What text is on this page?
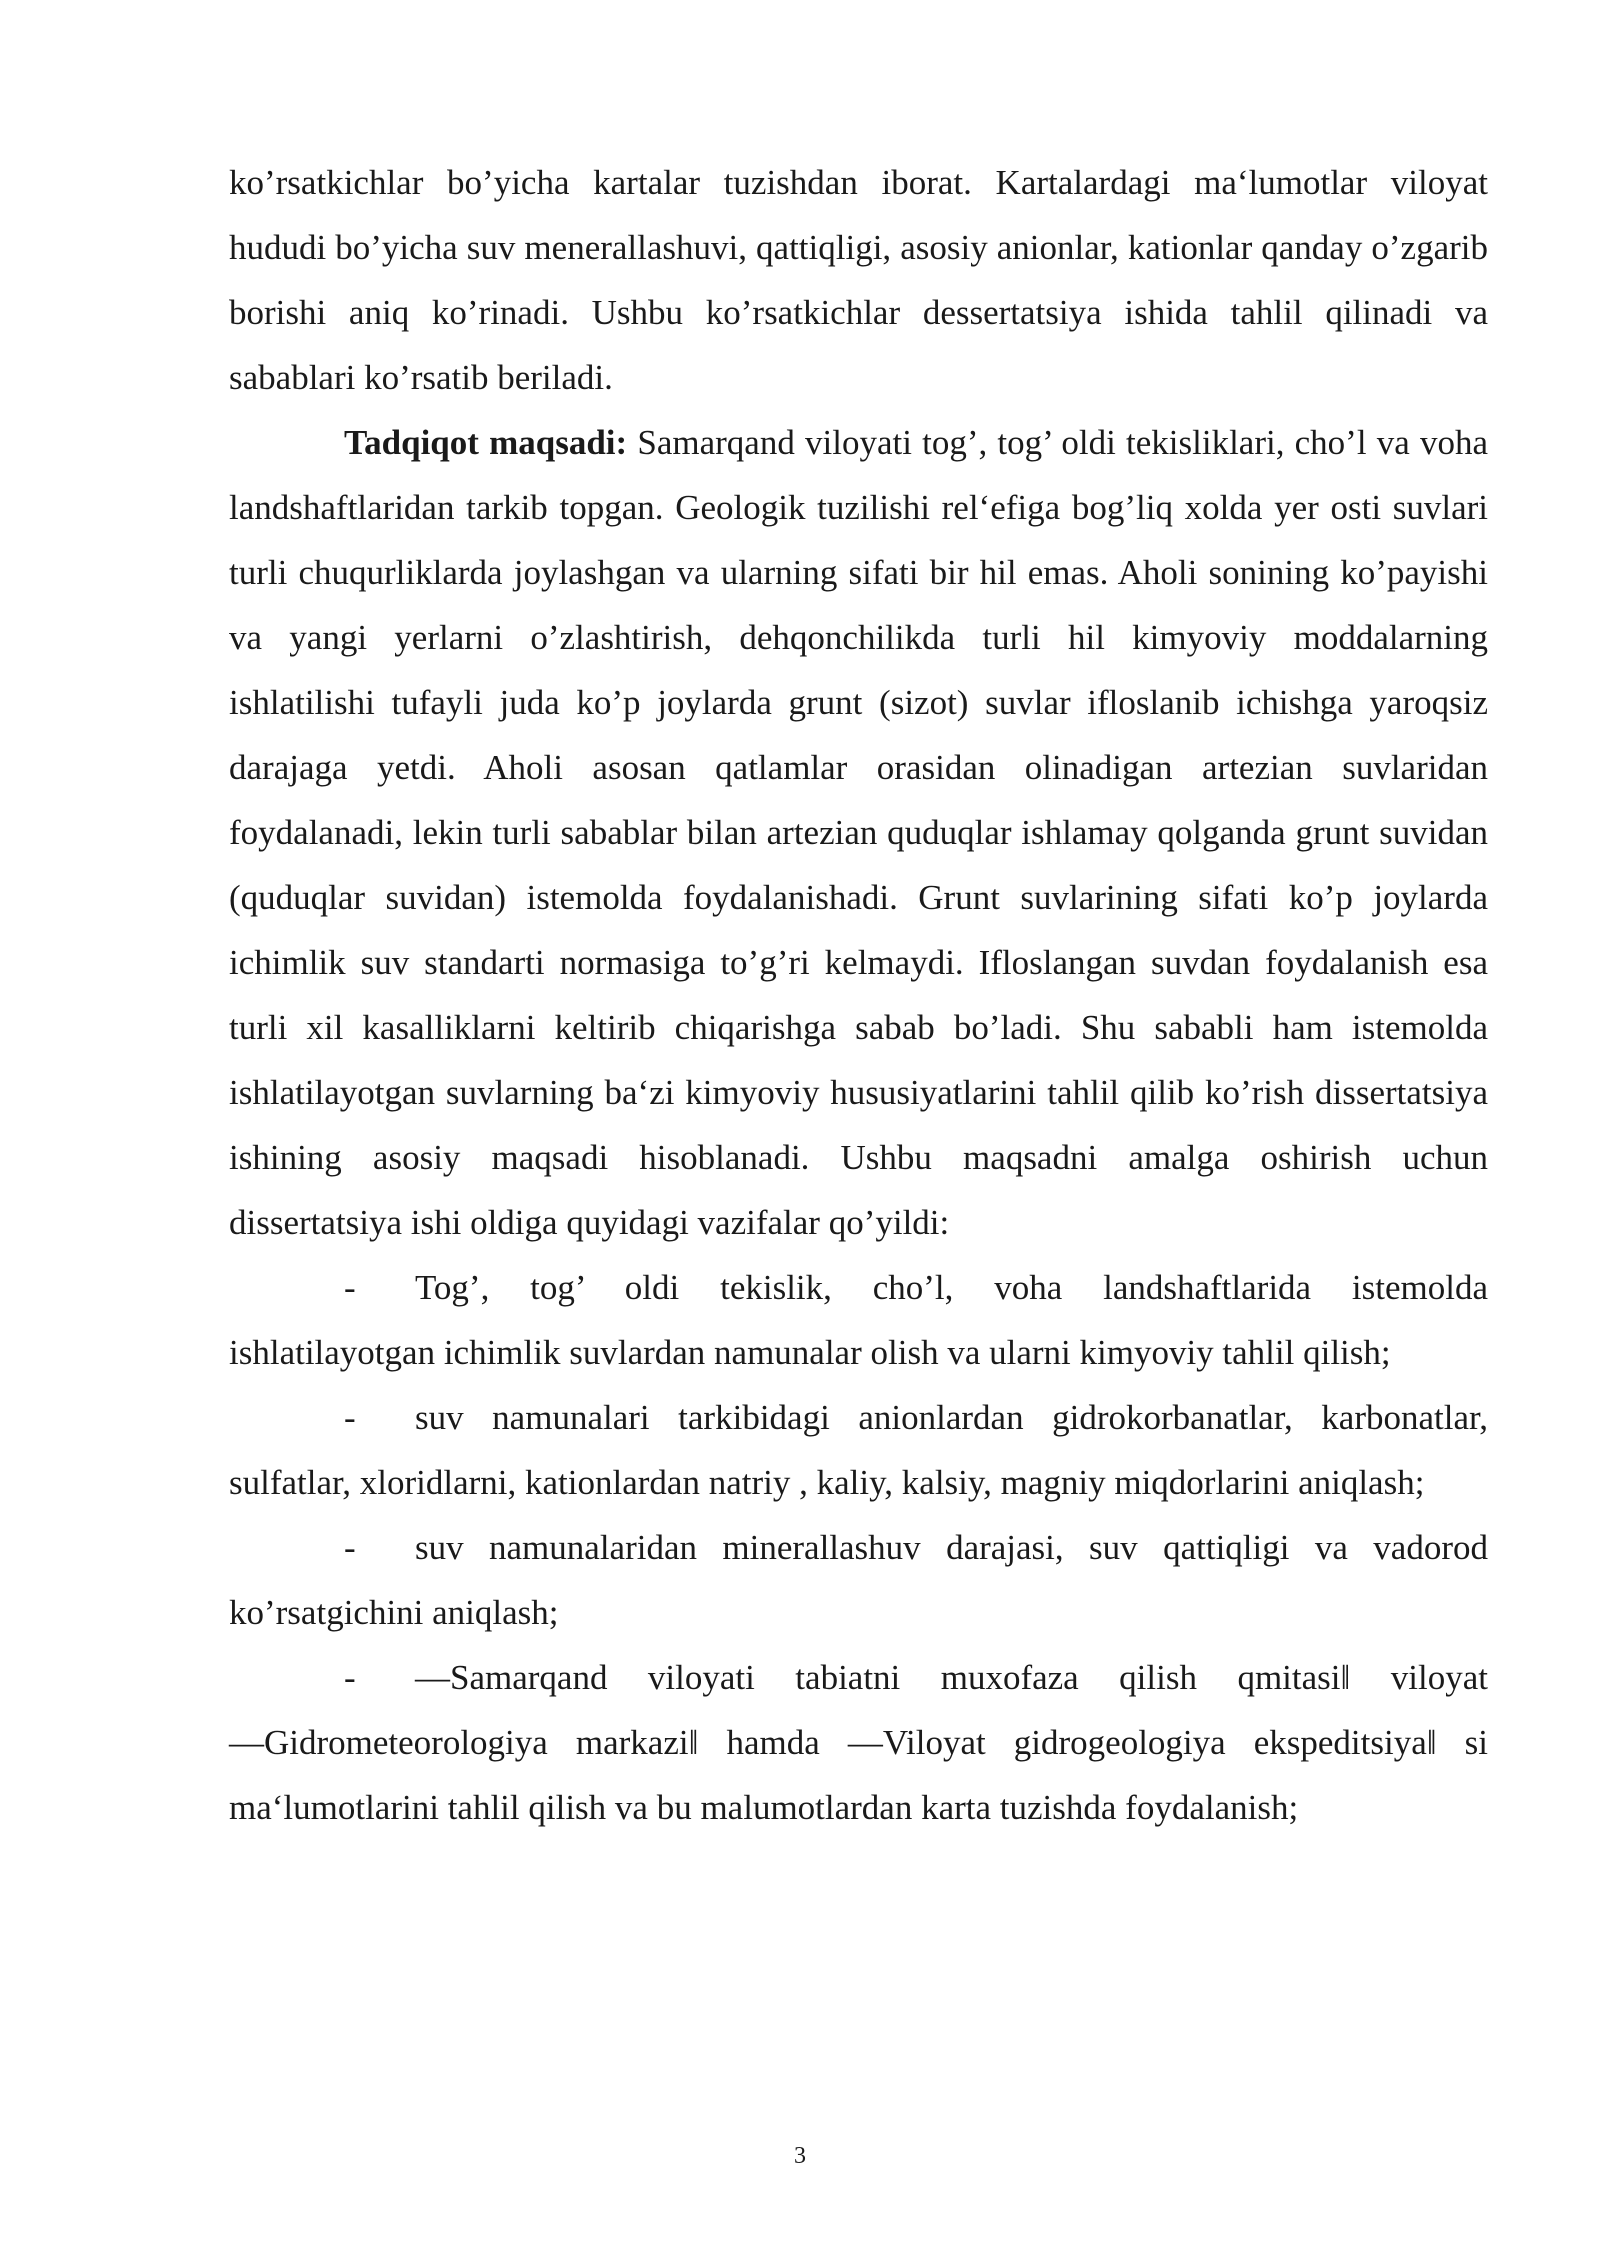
ko’rsatkichlar bo’yicha kartalar tuzishdan iborat. Kartalardagi ma‘lumotlar viloyat hududi bo’yicha suv menerallashuvi, qattiqligi, asosiy anionlar, kationlar qanday o’zgarib borishi aniq ko’rinadi. Ushbu ko’rsatkichlar dessertatsiya ishida tahlil qilinadi va sabablari ko’rsatib beriladi.

Tadqiqot maqsadi: Samarqand viloyati tog’, tog’ oldi tekisliklari, cho’l va voha landshaftlaridan tarkib topgan. Geologik tuzilishi rel‘efiga bog’liq xolda yer osti suvlari turli chuqurliklarda joylashgan va ularning sifati bir hil emas. Aholi sonining ko’payishi va yangi yerlarni o’zlashtirish, dehqonchilikda turli hil kimyoviy moddalarning ishlatilishi tufayli juda ko’p joylarda grunt (sizot) suvlar ifloslanib ichishga yaroqsiz darajaga yetdi. Aholi asosan qatlamlar orasidan olinadigan artezian suvlaridan foydalanadi, lekin turli sabablar bilan artezian quduqlar ishlamay qolganda grunt suvidan (quduqlar suvidan) istemolda foydalanishadi. Grunt suvlarining sifati ko’p joylarda ichimlik suv standarti normasiga to’g’ri kelmaydi. Ifloslangan suvdan foydalanish esa turli xil kasalliklarni keltirib chiqarishga sabab bo’ladi. Shu sababli ham istemolda ishlatilayotgan suvlarning ba‘zi kimyoviy hususiyatlarini tahlil qilib ko’rish dissertatsiya ishining asosiy maqsadi hisoblanadi. Ushbu maqsadni amalga oshirish uchun dissertatsiya ishi oldiga quyidagi vazifalar qo’yildi:

-	Tog’, tog’ oldi tekislik, cho’l, voha landshaftlarida istemolda
ishlatilayotgan ichimlik suvlardan namunalar olish va ularni kimyoviy tahlil qilish;
-	suv namunalari tarkibidagi anionlardan gidrokorbanatlar, karbonatlar,
sulfatlar, xloridlarni, kationlardan natriy , kaliy, kalsiy, magniy miqdorlarini aniqlash;
-	suv namunalaridan minerallashuv darajasi, suv qattiqligi va vadorod
ko’rsatgichini aniqlash;
-	―Samarqand viloyati tabiatni muxofaza qilish qmitasi‖ viloyat
―Gidrometeorologiya markazi‖ hamda ―Viloyat gidrogeologiya ekspeditsiya‖ si ma‘lumotlarini tahlil qilish va bu malumotlardan karta tuzishda foydalanish;
3
